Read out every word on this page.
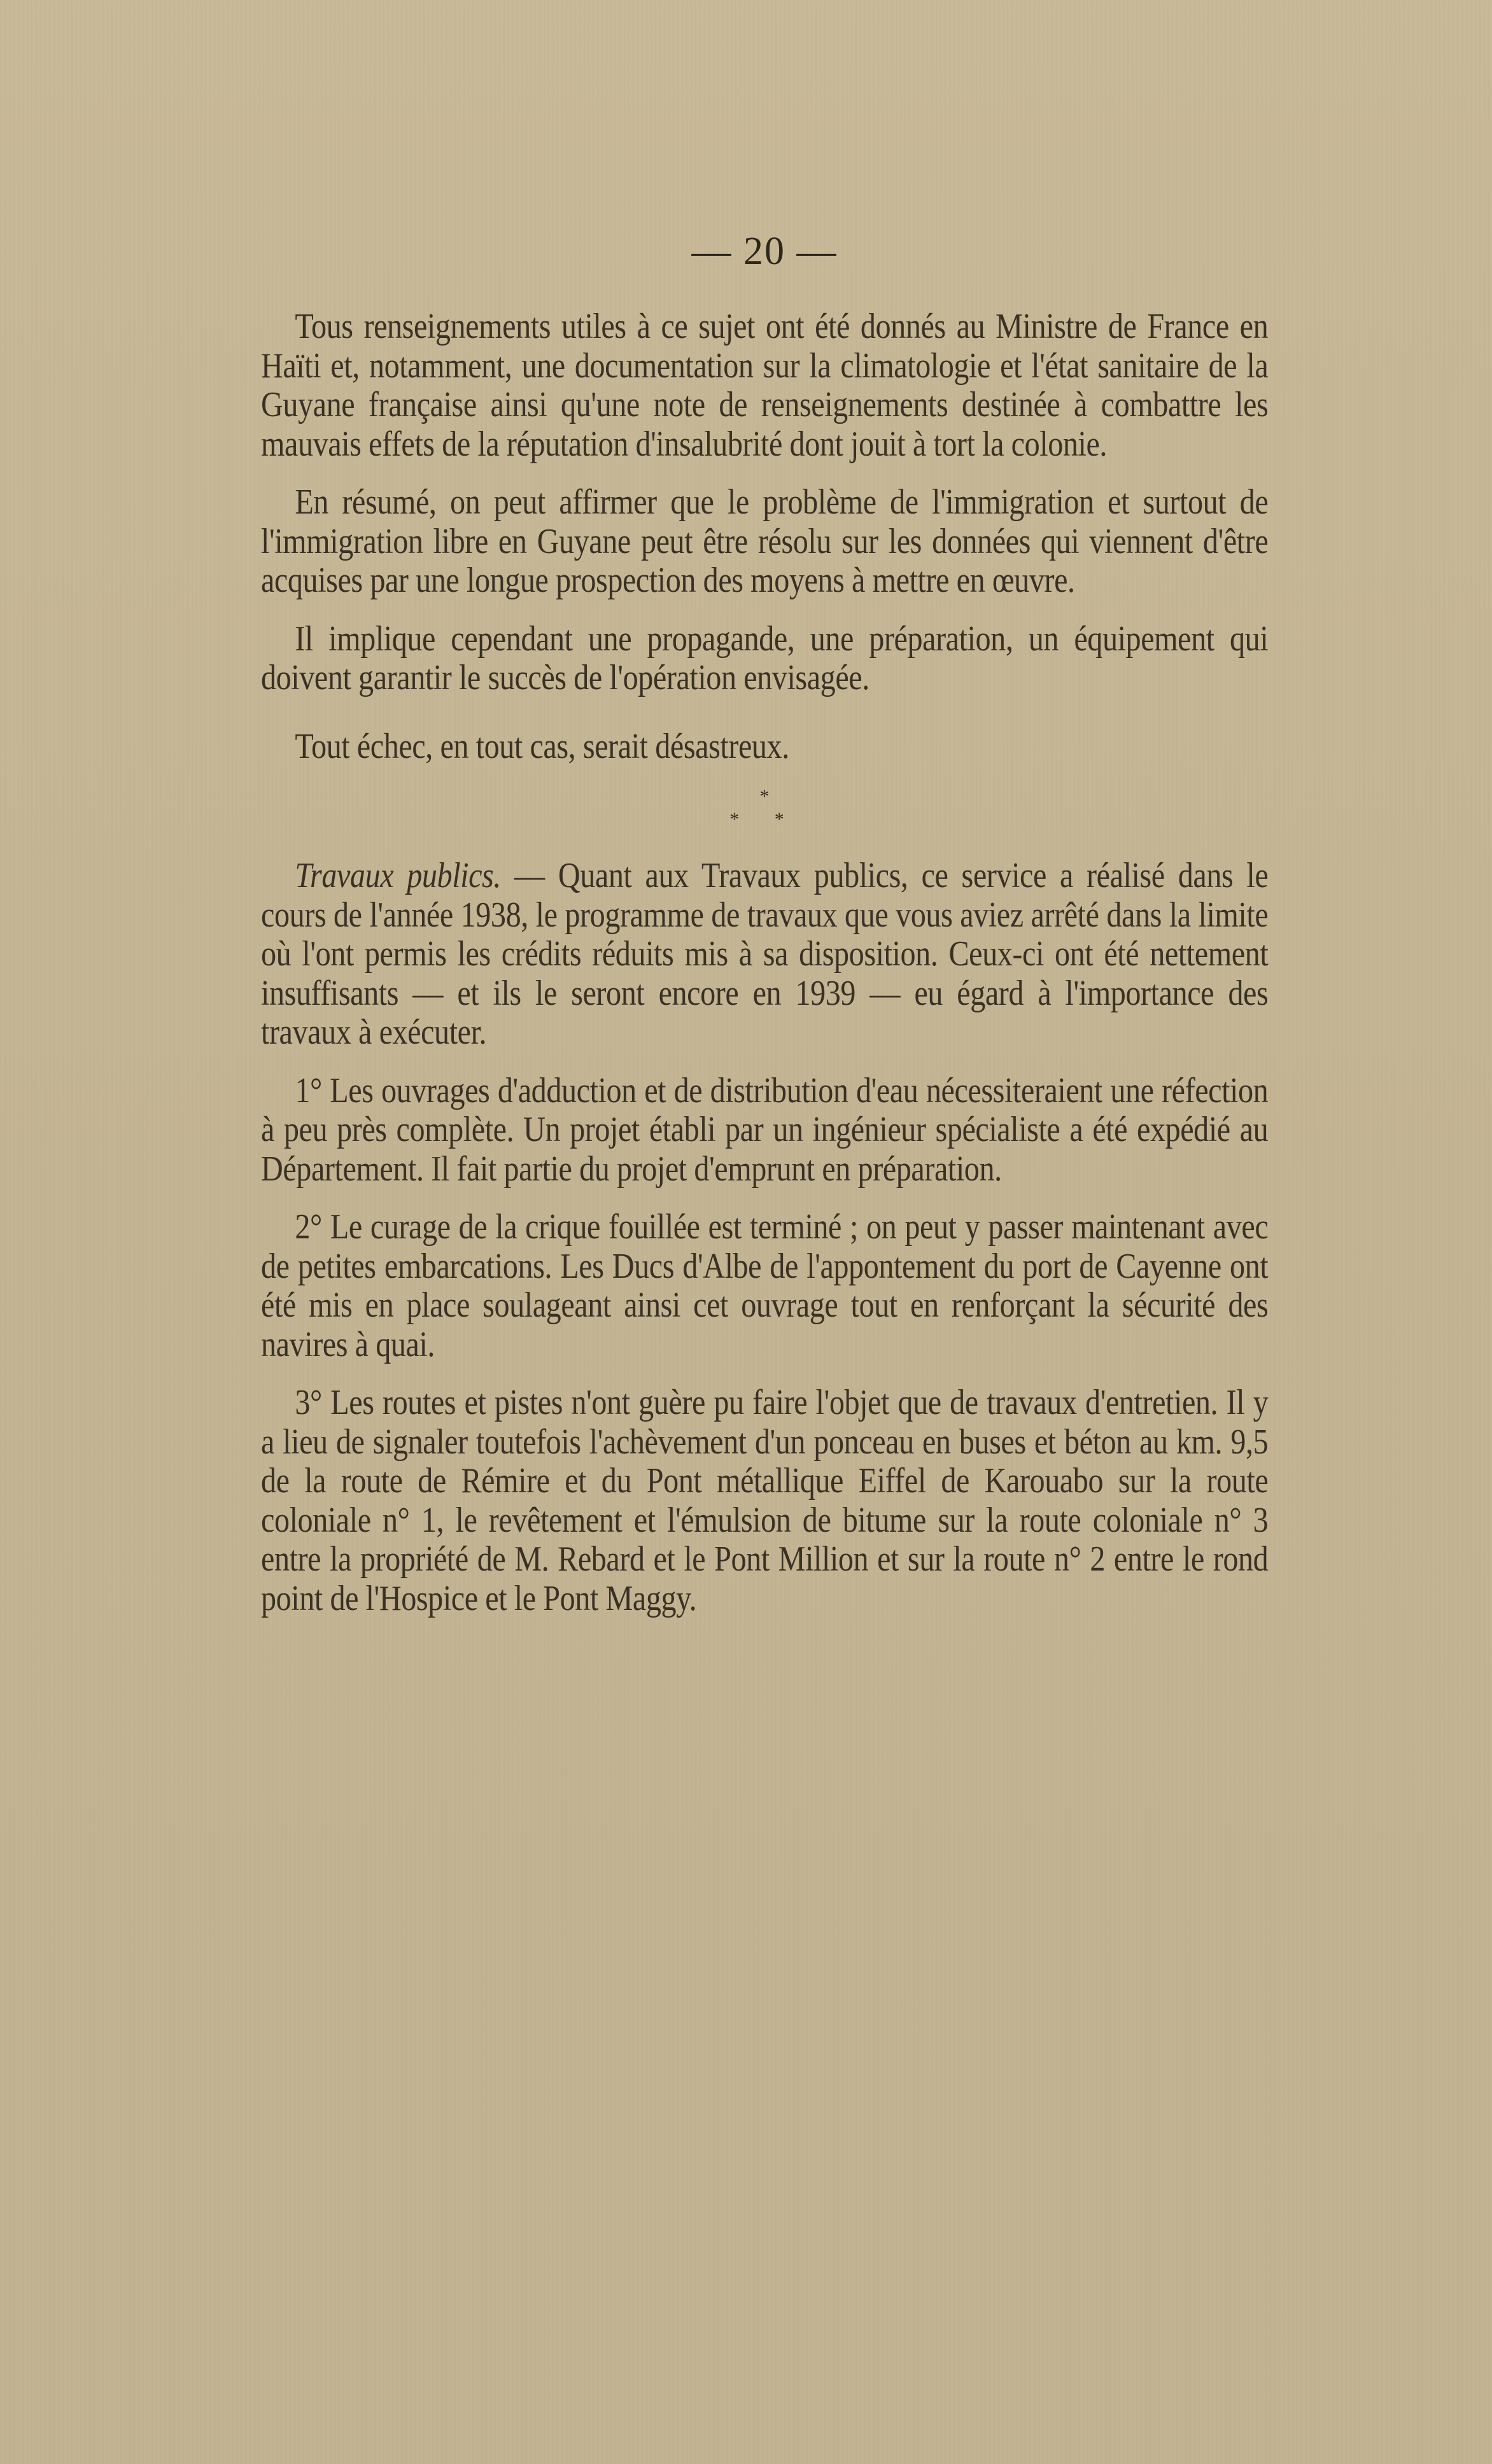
— 20 —

Tous renseignements utiles à ce sujet ont été donnés au Ministre de France en Haïti et, notamment, une documentation sur la climatologie et l'état sanitaire de la Guyane française ainsi qu'une note de renseignements destinée à combattre les mauvais effets de la réputation d'insalubrité dont jouit à tort la colonie.

En résumé, on peut affirmer que le problème de l'immigration et surtout de l'immigration libre en Guyane peut être résolu sur les données qui viennent d'être acquises par une longue prospection des moyens à mettre en œuvre.

Il implique cependant une propagande, une préparation, un équipement qui doivent garantir le succès de l'opération envisagée.

Tout échec, en tout cas, serait désastreux.

*
* *

Travaux publics. — Quant aux Travaux publics, ce service a réalisé dans le cours de l'année 1938, le programme de travaux que vous aviez arrêté dans la limite où l'ont permis les crédits réduits mis à sa disposition. Ceux-ci ont été nettement insuffisants — et ils le seront encore en 1939 — eu égard à l'importance des travaux à exécuter.

1° Les ouvrages d'adduction et de distribution d'eau nécessiteraient une réfection à peu près complète. Un projet établi par un ingénieur spécialiste a été expédié au Département. Il fait partie du projet d'emprunt en préparation.

2° Le curage de la crique fouillée est terminé ; on peut y passer maintenant avec de petites embarcations. Les Ducs d'Albe de l'appontement du port de Cayenne ont été mis en place soulageant ainsi cet ouvrage tout en renforçant la sécurité des navires à quai.

3° Les routes et pistes n'ont guère pu faire l'objet que de travaux d'entretien. Il y a lieu de signaler toutefois l'achèvement d'un ponceau en buses et béton au km. 9,5 de la route de Rémire et du Pont métallique Eiffel de Karouabo sur la route coloniale n° 1, le revêtement et l'émulsion de bitume sur la route coloniale n° 3 entre la propriété de M. Rebard et le Pont Million et sur la route n° 2 entre le rond point de l'Hospice et le Pont Maggy.
